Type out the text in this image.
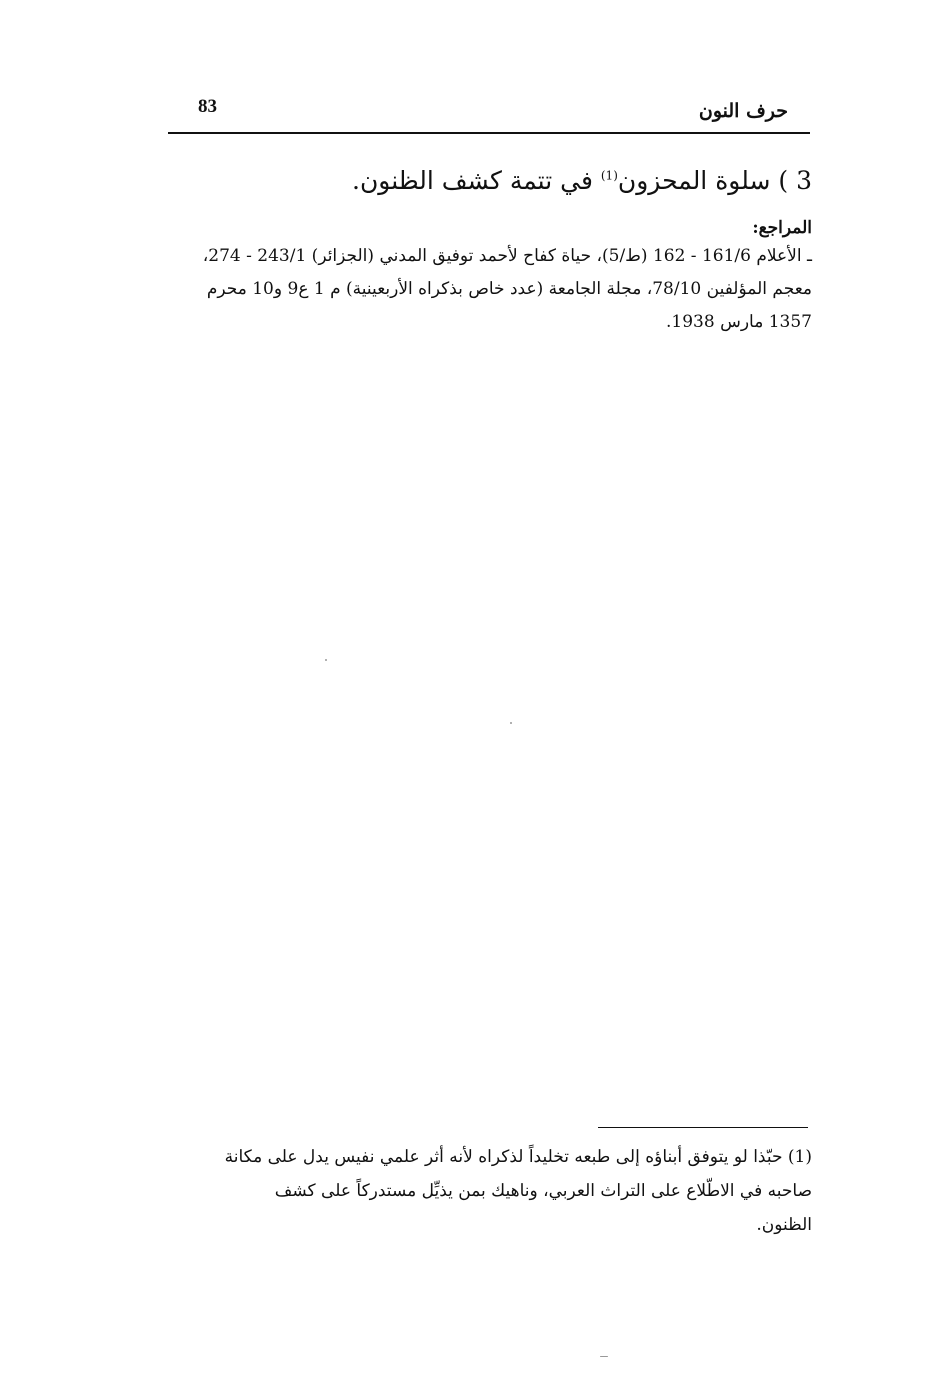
83	حرف النون
3 ) سلوة المحزون$^{(1)}$ في تتمة كشف الظنون.
المراجع:
ـ الأعلام 161/6 - 162 (ط/5)، حياة كفاح لأحمد توفيق المدني (الجزائر) 243/1 - 274،
معجم المؤلفين 78/10، مجلة الجامعة (عدد خاص بذكراه الأربعينية) م 1 ع9 و10 محرم
1357 مارس 1938.
(1) حبّذا لو يتوفق أبناؤه إلى طبعه تخليداً لذكراه لأنه أثر علمي نفيس يدل على مكانة
صاحبه في الاطّلاع على التراث العربي، وناهيك بمن يذيِّل مستدركاً على كشف
الظنون.
